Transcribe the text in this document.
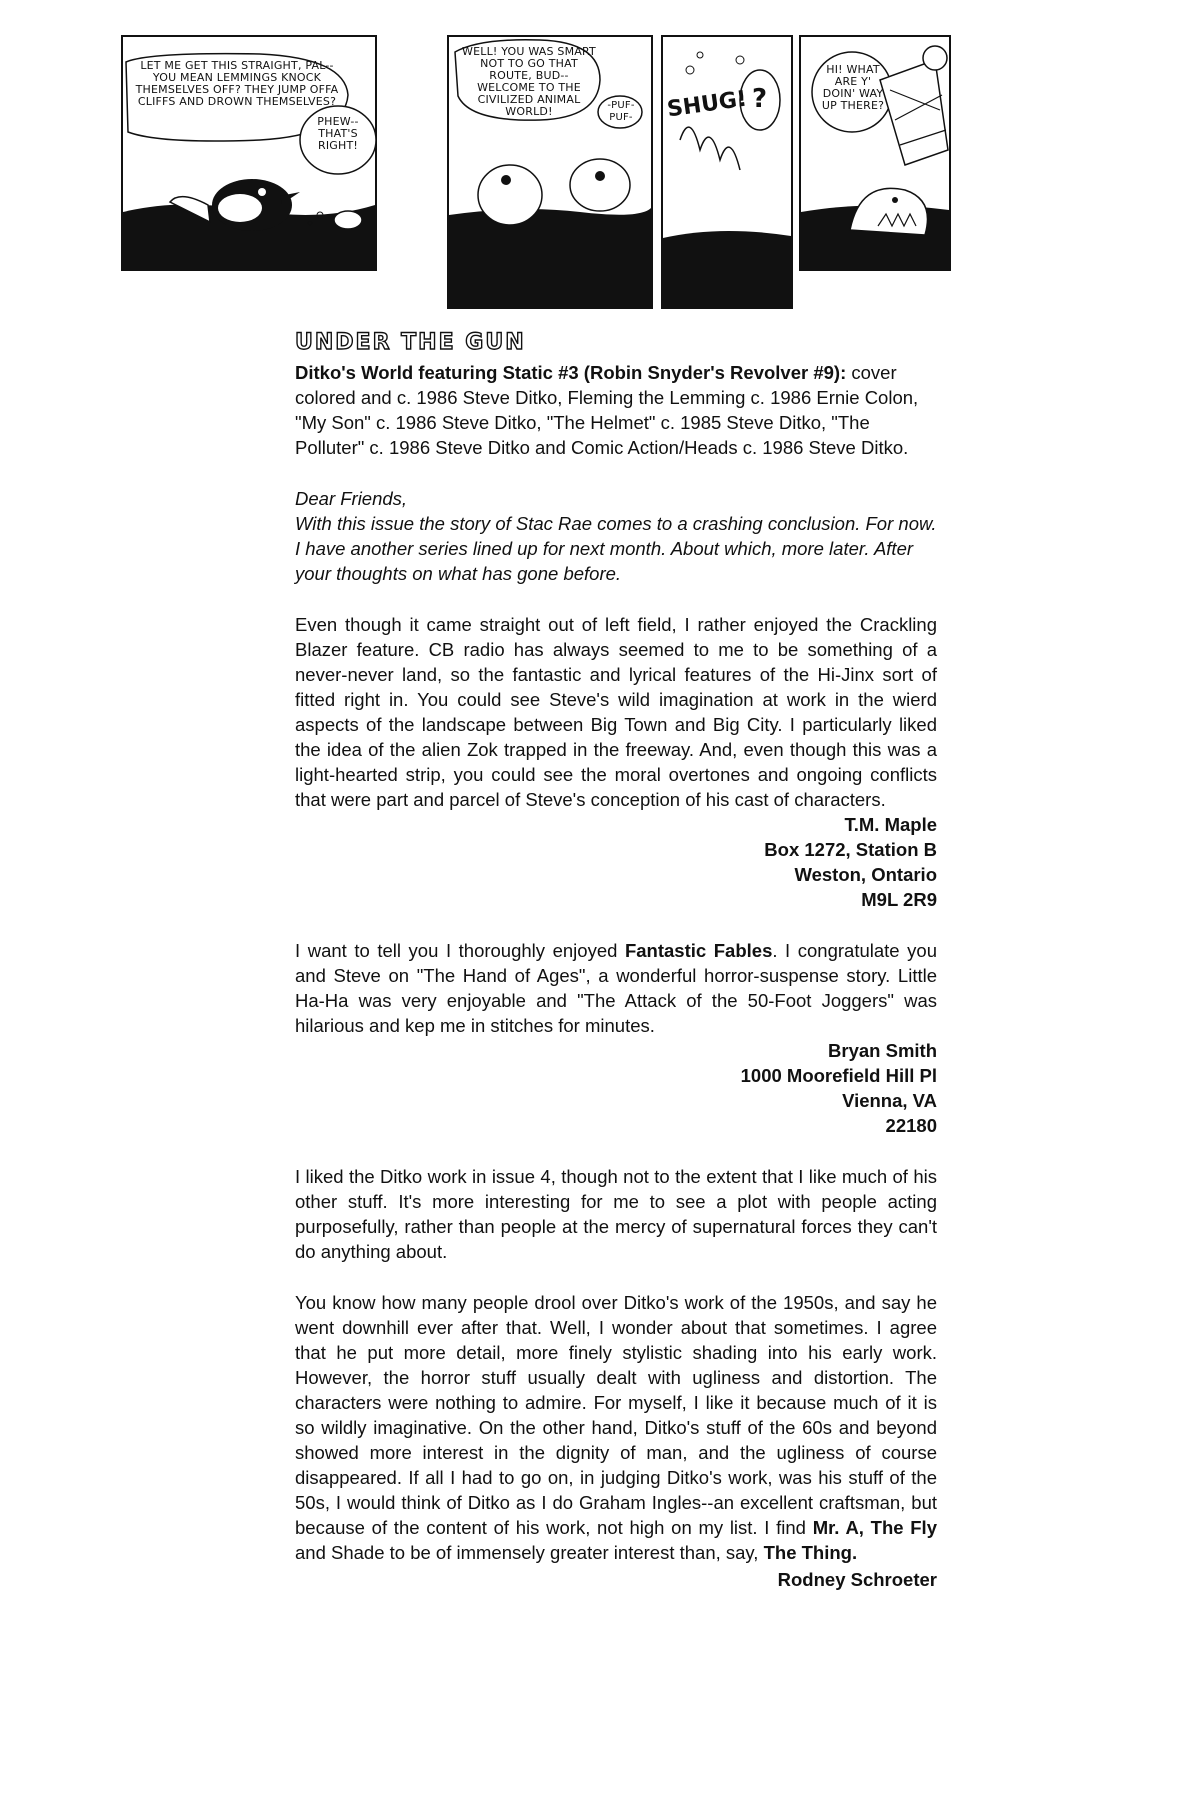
LET ME GET THIS STRAIGHT, PAL-- YOU MEAN LEMMINGS KNOCK THEMSELVES OFF? THEY JUMP OFFA CLIFFS AND DROWN THEMSELVES?
PHEW-- THAT'S RIGHT!
WELL! YOU WAS SMART NOT TO GO THAT ROUTE, BUD-- WELCOME TO THE CIVILIZED ANIMAL WORLD!	-PUF- PUF-	SHUG! ?
HI! WHAT ARE Y' DOIN' WAY UP THERE?
UNDER THE GUN

Ditko's World featuring Static #3 (Robin Snyder's Revolver #9): cover colored and c. 1986 Steve Ditko, Fleming the Lemming c. 1986 Ernie Colon, "My Son" c. 1986 Steve Ditko, "The Helmet" c. 1985 Steve Ditko, "The Polluter" c. 1986 Steve Ditko and Comic Action/Heads c. 1986 Steve Ditko.

Dear Friends,

With this issue the story of Stac Rae comes to a crashing conclusion. For now. I have another series lined up for next month. About which, more later. After your thoughts on what has gone before.

Even though it came straight out of left field, I rather enjoyed the Crackling Blazer feature. CB radio has always seemed to me to be something of a never-never land, so the fantastic and lyrical features of the Hi-Jinx sort of fitted right in. You could see Steve's wild imagination at work in the wierd aspects of the landscape between Big Town and Big City. I particularly liked the idea of the alien Zok trapped in the freeway. And, even though this was a light-hearted strip, you could see the moral overtones and ongoing conflicts that were part and parcel of Steve's conception of his cast of characters.

T.M. Maple
Box 1272, Station B
Weston, Ontario
M9L 2R9

I want to tell you I thoroughly enjoyed Fantastic Fables. I congratulate you and Steve on "The Hand of Ages", a wonderful horror-suspense story. Little Ha-Ha was very enjoyable and "The Attack of the 50-Foot Joggers" was hilarious and kep me in stitches for minutes.

Bryan Smith
1000 Moorefield Hill Pl
Vienna, VA
22180

I liked the Ditko work in issue 4, though not to the extent that I like much of his other stuff. It's more interesting for me to see a plot with people acting purposefully, rather than people at the mercy of supernatural forces they can't do anything about.

You know how many people drool over Ditko's work of the 1950s, and say he went downhill ever after that. Well, I wonder about that sometimes. I agree that he put more detail, more finely stylistic shading into his early work. However, the horror stuff usually dealt with ugliness and distortion. The characters were nothing to admire. For myself, I like it because much of it is so wildly imaginative. On the other hand, Ditko's stuff of the 60s and beyond showed more interest in the dignity of man, and the ugliness of course disappeared. If all I had to go on, in judging Ditko's work, was his stuff of the 50s, I would think of Ditko as I do Graham Ingles--an excellent craftsman, but because of the content of his work, not high on my list. I find Mr. A, The Fly and Shade to be of immensely greater interest than, say, The Thing.

Rodney Schroeter
